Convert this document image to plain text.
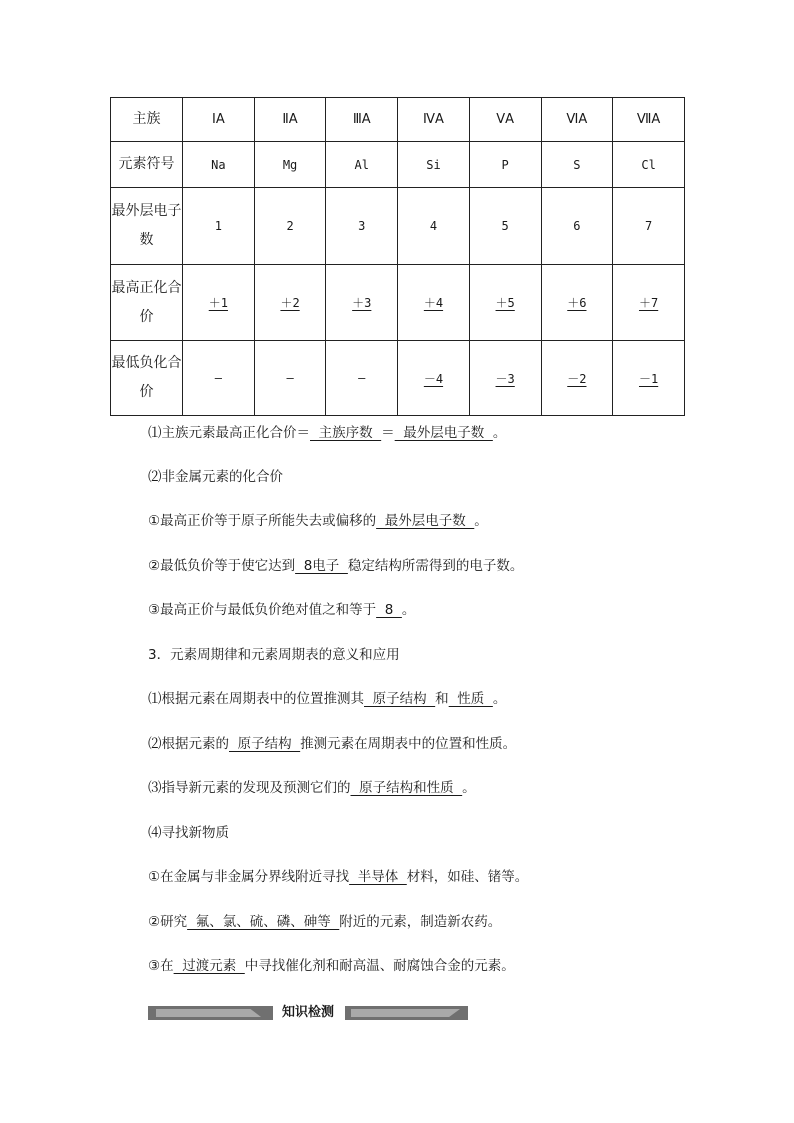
主族	ⅠA	ⅡA	ⅢA	ⅣA	ⅤA	ⅥA	ⅦA
元素符号	Na	Mg	Al	Si	P	S	Cl
最外层电子数	1	2	3	4	5	6	7
最高正化合价	＋1	＋2	＋3	＋4	＋5	＋6	＋7
最低负化合价	—	—	—	－4	－3	－2	－1
⑴主族元素最高正化合价＝  主族序数  ＝  最外层电子数  。
⑵非金属元素的化合价
①最高正价等于原子所能失去或偏移的  最外层电子数  。
②最低负价等于使它达到  8电子  稳定结构所需得到的电子数。
③最高正价与最低负价绝对值之和等于  8  。
3．元素周期律和元素周期表的意义和应用
⑴根据元素在周期表中的位置推测其  原子结构  和  性质  。
⑵根据元素的  原子结构  推测元素在周期表中的位置和性质。
⑶指导新元素的发现及预测它们的  原子结构和性质  。
⑷寻找新物质
①在金属与非金属分界线附近寻找  半导体  材料，如硅、锗等。
②研究  氟、氯、硫、磷、砷等  附近的元素，制造新农药。
③在  过渡元素  中寻找催化剂和耐高温、耐腐蚀合金的元素。
知识检测
